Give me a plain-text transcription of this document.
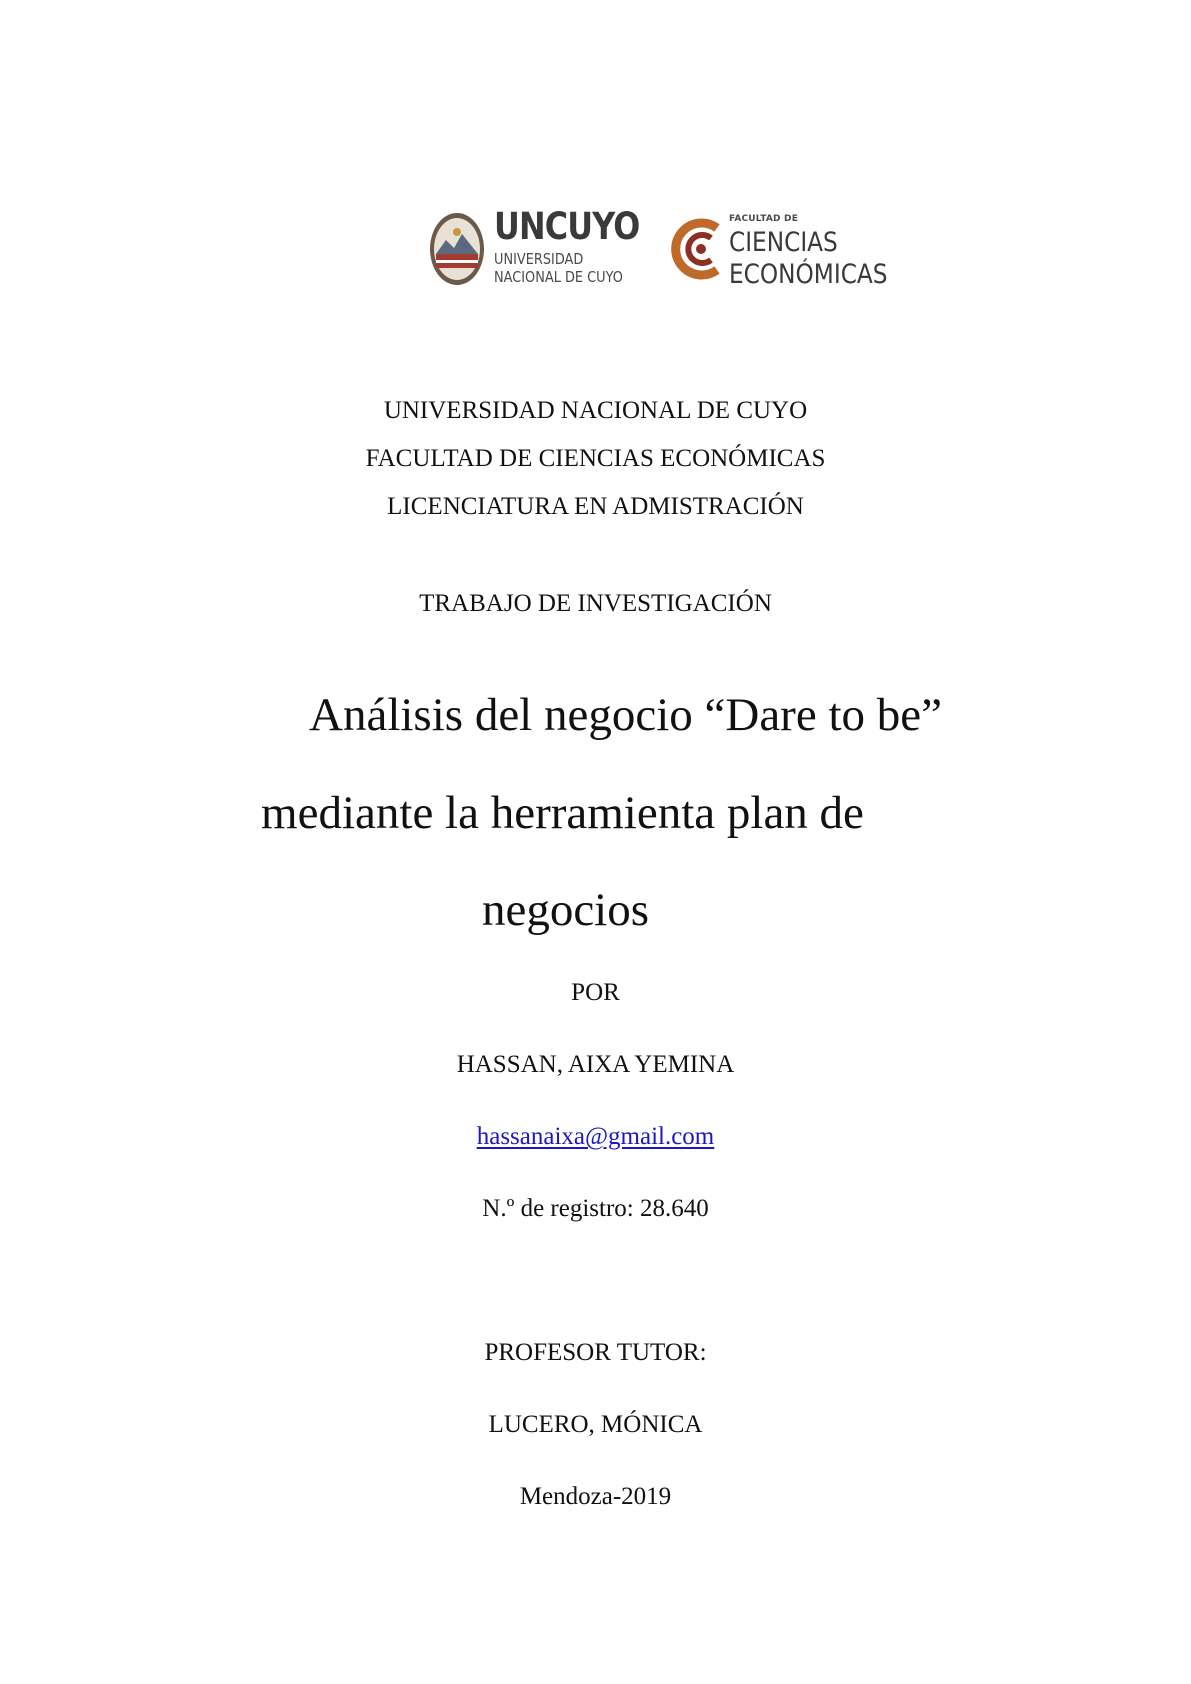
UNCUYO
UNIVERSIDAD
NACIONAL DE CUYO
FACULTAD DE
CIENCIAS
ECONÓMICAS
UNIVERSIDAD NACIONAL DE CUYO
FACULTAD DE CIENCIAS ECONÓMICAS
LICENCIATURA EN ADMISTRACIÓN
TRABAJO DE INVESTIGACIÓN
Análisis del negocio “Dare to be”
mediante la herramienta plan de
negocios
POR
HASSAN, AIXA YEMINA
hassanaixa@gmail.com
N.º de registro: 28.640
PROFESOR TUTOR:
LUCERO, MÓNICA
Mendoza-2019
